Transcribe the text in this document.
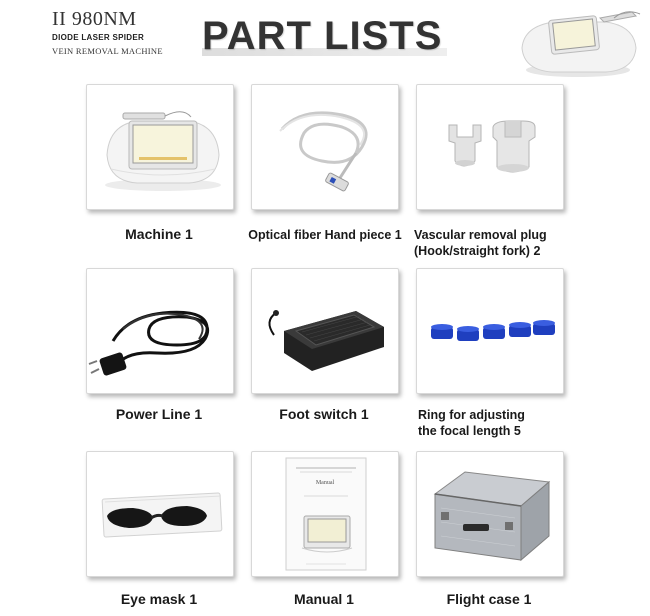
II 980NM
DIODE LASER SPIDER
VEIN REMOVAL MACHINE PART LISTS
Machine 1	Optical fiber Hand piece 1 Vascular removal plug
(Hook/straight fork) 2
Power Line 1	Foot switch 1	Ring for adjusting
the focal length 5
Eye mask 1
Manual
Manual 1	Flight case 1
